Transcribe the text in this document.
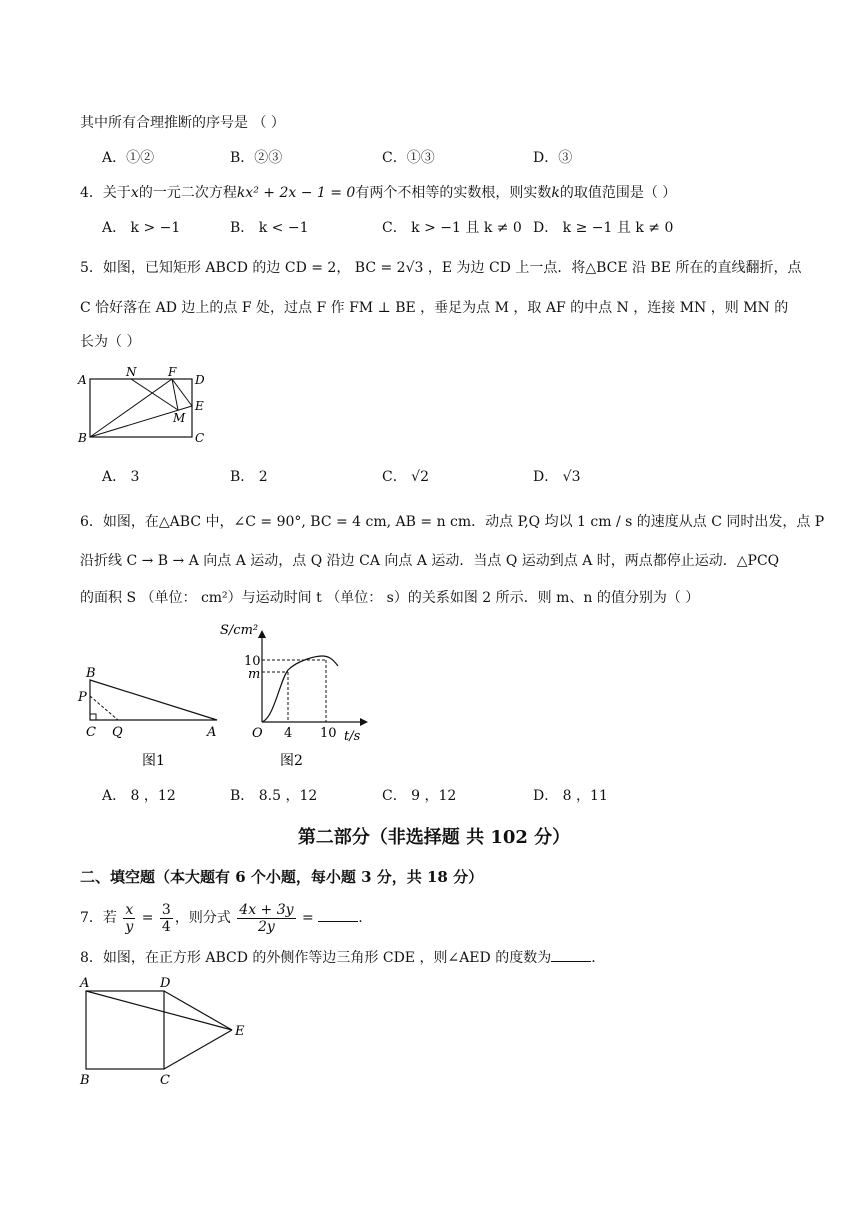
其中所有合理推断的序号是 （ ）
A．①②	B．②③	C．①③	D．③
4．关于x的一元二次方程kx² + 2x − 1 = 0有两个不相等的实数根，则实数k的取值范围是（ ）
A． k > −1	B． k < −1	C． k > −1 且 k ≠ 0 D． k ≥ −1 且 k ≠ 0
5．如图，已知矩形 ABCD 的边 CD = 2， BC = 2√3 ，E 为边 CD 上一点．将△BCE 沿 BE 所在的直线翻折，点
C 恰好落在 AD 边上的点 F 处，过点 F 作 FM ⊥ BE ，垂足为点 M ，取 AF 的中点 N ，连接 MN ，则 MN 的
长为（ ）
A
N	F
D
E
M
B	C
A． 3	B． 2	C． √2	D． √3
6．如图，在△ABC 中，∠C = 90°, BC = 4 cm, AB = n cm．动点 P,Q 均以 1 cm / s 的速度从点 C 同时出发，点 P
沿折线 C → B → A 向点 A 运动，点 Q 沿边 CA 向点 A 运动．当点 Q 运动到点 A 时，两点都停止运动．△PCQ
的面积 S （单位： cm²）与运动时间 t （单位： s）的关系如图 2 所示．则 m、n 的值分别为（ ）
B
P
C Q	A
图1
S/cm²
10
m
O 4 10 t/s
图2
A． 8 ，12	B． 8.5 ，12	C． 9 ，12	D． 8 ，11
第二部分（非选择题 共 102 分）
二、填空题（本大题有 6 个小题，每小题 3 分，共 18 分）
7．若 $\frac{x}{y} = \frac{3}{4}$ ，则分式 $\frac{4x + 3y}{2y}$ =	.
8．如图，在正方形 ABCD 的外侧作等边三角形 CDE ，则∠AED 的度数为	.
A	D
E
B	C
